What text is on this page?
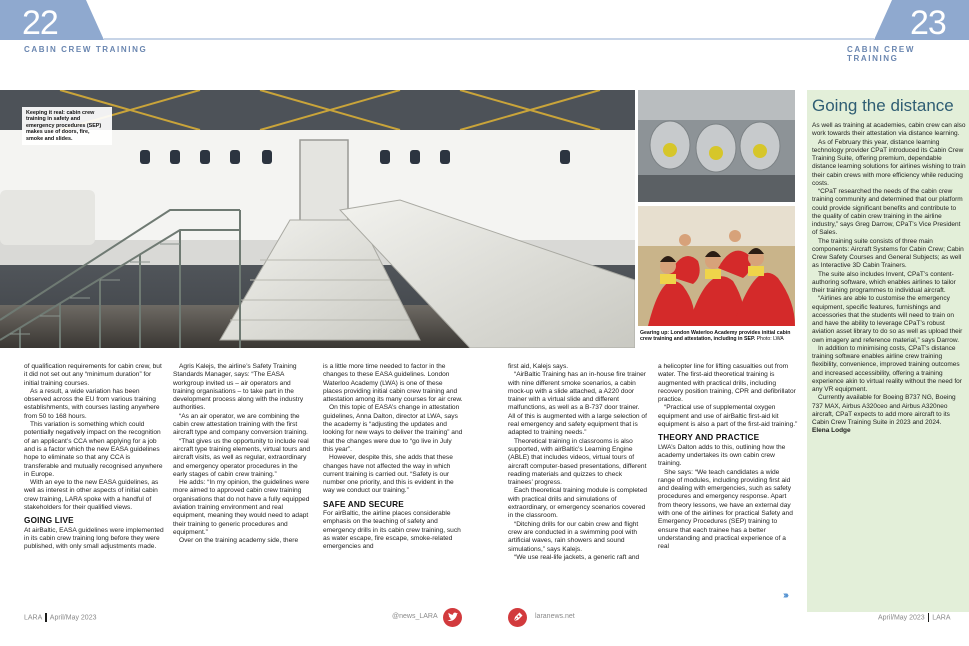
22
CABIN CREW TRAINING
23
CABIN CREW TRAINING
Keeping it real: cabin crew training in safety and emergency procedures (SEP) makes use of doors, fire, smoke and slides.
Gearing up: London Waterloo Academy provides initial cabin crew training and attestation, including in SEP. Photo: LWA

of qualification requirements for cabin crew, but it did not set out any “minimum duration” for initial training courses.

As a result, a wide variation has been observed across the EU from various training establishments, with courses lasting anywhere from 50 to 168 hours.

This variation is something which could potentially negatively impact on the recognition of an applicant’s CCA when applying for a job and is a factor which the new EASA guidelines hope to eliminate so that any CCA is transferable and mutually recognised anywhere in Europe.

With an eye to the new EASA guidelines, as well as interest in other aspects of initial cabin crew training, LARA spoke with a handful of stakeholders for their qualified views.

GOING LIVE

At airBaltic, EASA guidelines were implemented in its cabin crew training long before they were published, with only small adjustments made.

Agris Kalejs, the airline’s Safety Training Standards Manager, says: “The EASA workgroup invited us – air operators and training organisations – to take part in the development process along with the industry authorities.

“As an air operator, we are combining the cabin crew attestation training with the first aircraft type and company conversion training.

“That gives us the opportunity to include real aircraft type training elements, virtual tours and aircraft visits, as well as regular, extraordinary and emergency operator procedures in the early stages of cabin crew training.”

He adds: “In my opinion, the guidelines were more aimed to approved cabin crew training organisations that do not have a fully equipped aviation training environment and real equipment, meaning they would need to adapt their training to generic procedures and equipment.”

Over on the training academy side, there

is a little more time needed to factor in the changes to these EASA guidelines. London Waterloo Academy (LWA) is one of these places providing initial cabin crew training and attestation among its many courses for air crew.

On this topic of EASA’s change in attestation guidelines, Anna Dalton, director at LWA, says the academy is “adjusting the updates and looking for new ways to deliver the training” and that the changes were due to “go live in July this year”.

However, despite this, she adds that these changes have not affected the way in which current training is carried out. “Safety is our number one priority, and this is evident in the way we conduct our training.”

SAFE AND SECURE

For airBaltic, the airline places considerable emphasis on the teaching of safety and emergency drills in its cabin crew training, such as water escape, fire escape, smoke-related emergencies and

first aid, Kalejs says.

“AirBaltic Training has an in-house fire trainer with nine different smoke scenarios, a cabin mock-up with a slide attached, a A220 door trainer with a virtual slide and different malfunctions, as well as a B-737 door trainer. All of this is augmented with a large selection of real emergency and safety equipment that is adapted to training needs.”

Theoretical training in classrooms is also supported, with airBaltic’s Learning Engine (ABLE) that includes videos, virtual tours of aircraft computer-based presentations, different reading materials and quizzes to check trainees’ progress.

Each theoretical training module is completed with practical drills and simulations of extraordinary, or emergency scenarios covered in the classroom.

“Ditching drills for our cabin crew and flight crew are conducted in a swimming pool with artificial waves, rain showers and sound simulations,” says Kalejs.

“We use real-life jackets, a generic raft and

a helicopter line for lifting casualties out from water. The first-aid theoretical training is augmented with practical drills, including recovery position training, CPR and defibrillator practice.

“Practical use of supplemental oxygen equipment and use of airBaltic first-aid kit equipment is also a part of the first-aid training.”

THEORY AND PRACTICE

LWA’s Dalton adds to this, outlining how the academy undertakes its own cabin crew training.

She says: “We teach candidates a wide range of modules, including providing first aid and dealing with emergencies, such as safety procedures and emergency response. Apart from theory lessons, we have an external day with one of the airlines for practical Safety and Emergency Procedures (SEP) training to ensure that each trainee has a better understanding and practical experience of a real

›››
Going the distance

As well as training at academies, cabin crew can also work towards their attestation via distance learning.

As of February this year, distance learning technology provider CPaT introduced its Cabin Crew Training Suite, offering premium, dependable distance learning solutions for airlines wishing to train their cabin crews with more efficiency while reducing costs.

“CPaT researched the needs of the cabin crew training community and determined that our platform could provide significant benefits and contribute to the quality of cabin crew training in the airline industry,” says Greg Darrow, CPaT’s Vice President of Sales.

The training suite consists of three main components: Aircraft Systems for Cabin Crew; Cabin Crew Safety Courses and General Subjects; as well as Interactive 3D Cabin Trainers.

The suite also includes Invent, CPaT’s content-authoring software, which enables airlines to tailor their training programmes to individual aircraft.

“Airlines are able to customise the emergency equipment, specific features, furnishings and accessories that the students will need to train on and have the ability to leverage CPaT’s robust aviation asset library to do so as well as upload their own imagery and reference material,” says Darrow.

In addition to minimising costs, CPaT’s distance training software enables airline crew training flexibility, convenience, improved training outcomes and increased accessibility, offering a training experience akin to virtual reality without the need for any VR equipment.

Currently available for Boeing B737 NG, Boeing 737 MAX, Airbus A320ceo and Airbus A320neo aircraft, CPaT expects to add more aircraft to its Cabin Crew Training Suite in 2023 and 2024.

Elena Lodge

LARA April/May 2023	@news_LARA	laranews.net	April/May 2023 LARA
